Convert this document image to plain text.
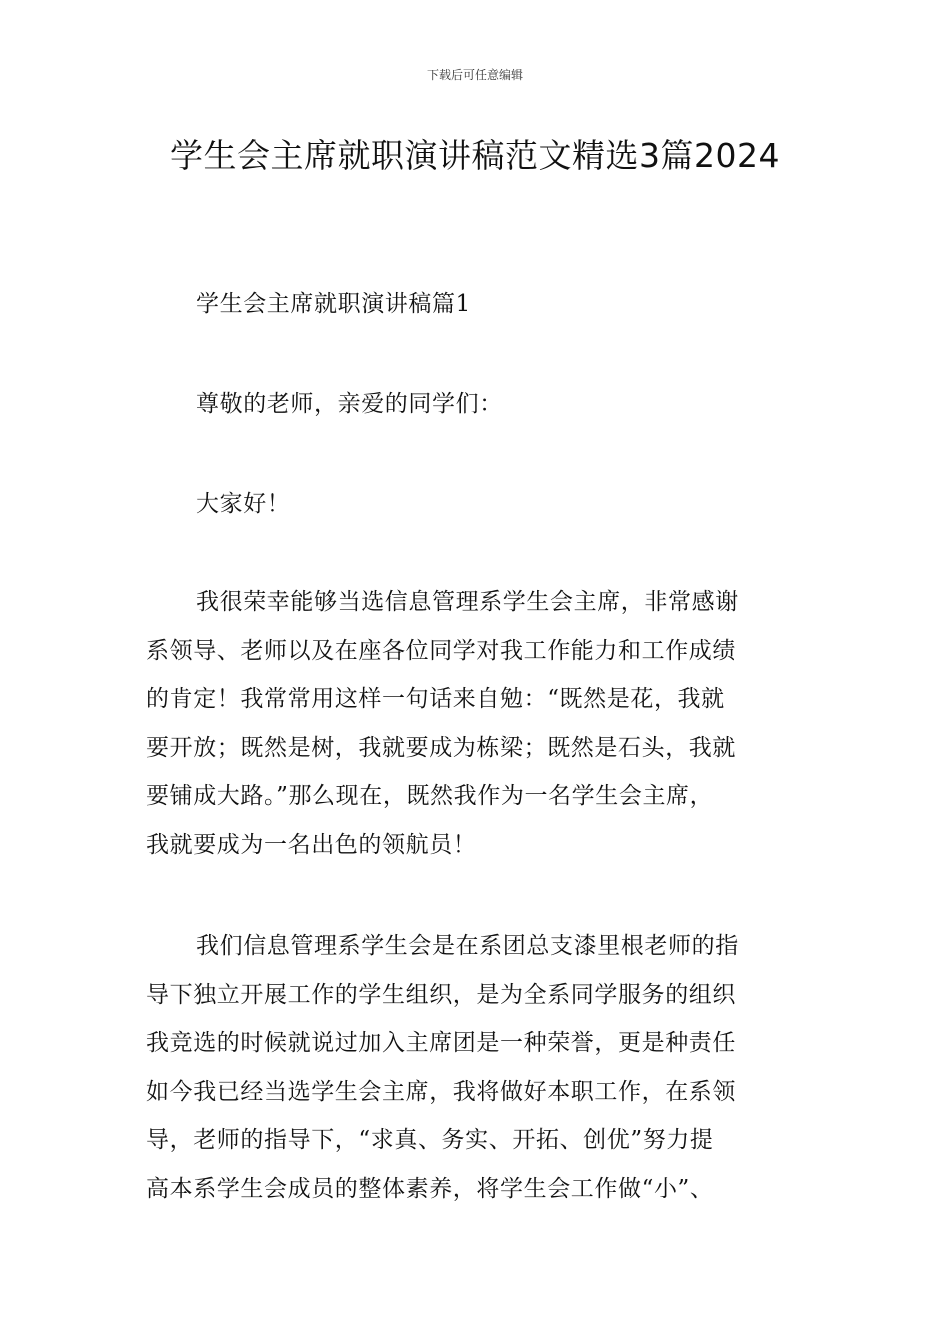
下载后可任意编辑
学生会主席就职演讲稿范文精选3篇2024

学生会主席就职演讲稿篇1

尊敬的老师，亲爱的同学们：

大家好！

我很荣幸能够当选信息管理系学生会主席，非常感谢
系领导、老师以及在座各位同学对我工作能力和工作成绩
的肯定！我常常用这样一句话来自勉：“既然是花，我就
要开放；既然是树，我就要成为栋梁；既然是石头，我就
要铺成大路。”那么现在，既然我作为一名学生会主席，
我就要成为一名出色的领航员！
我们信息管理系学生会是在系团总支漆里根老师的指
导下独立开展工作的学生组织，是为全系同学服务的组织
我竞选的时候就说过加入主席团是一种荣誉，更是种责任
如今我已经当选学生会主席，我将做好本职工作，在系领
导，老师的指导下，“求真、务实、开拓、创优”努力提
高本系学生会成员的整体素养，将学生会工作做“小”、
